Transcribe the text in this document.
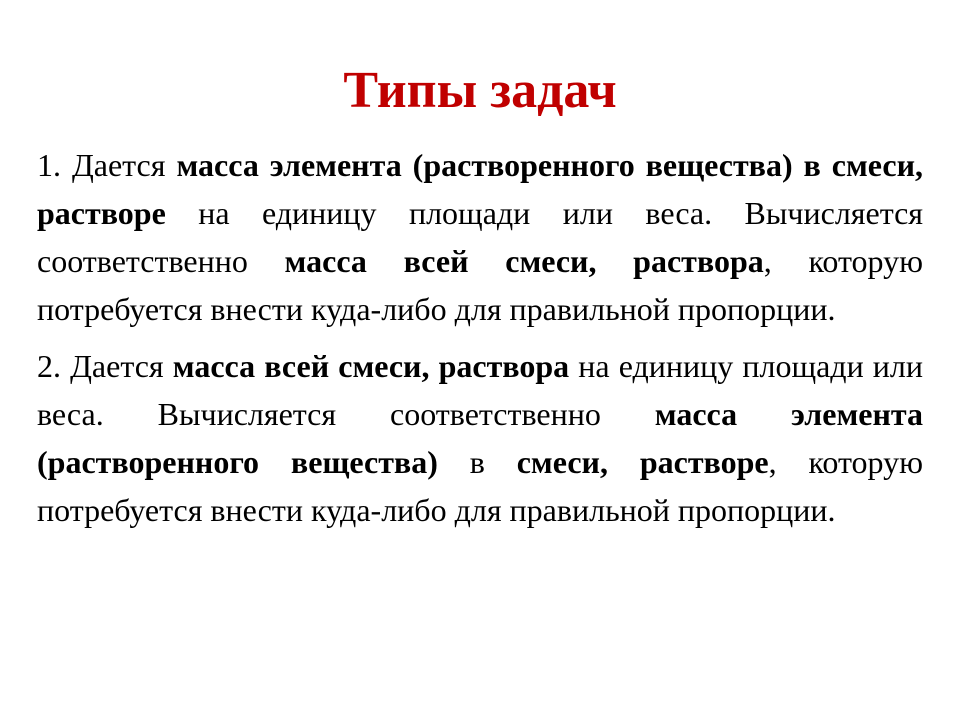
Типы задач

1. Дается масса элемента (растворенного вещества) в смеси, растворе на единицу площади или веса. Вычисляется соответственно масса всей смеси, раствора, которую потребуется внести куда-либо для правильной пропорции.

2. Дается масса всей смеси, раствора на единицу площади или веса. Вычисляется соответственно масса элемента (растворенного вещества) в смеси, растворе, которую потребуется внести куда-либо для правильной пропорции.
